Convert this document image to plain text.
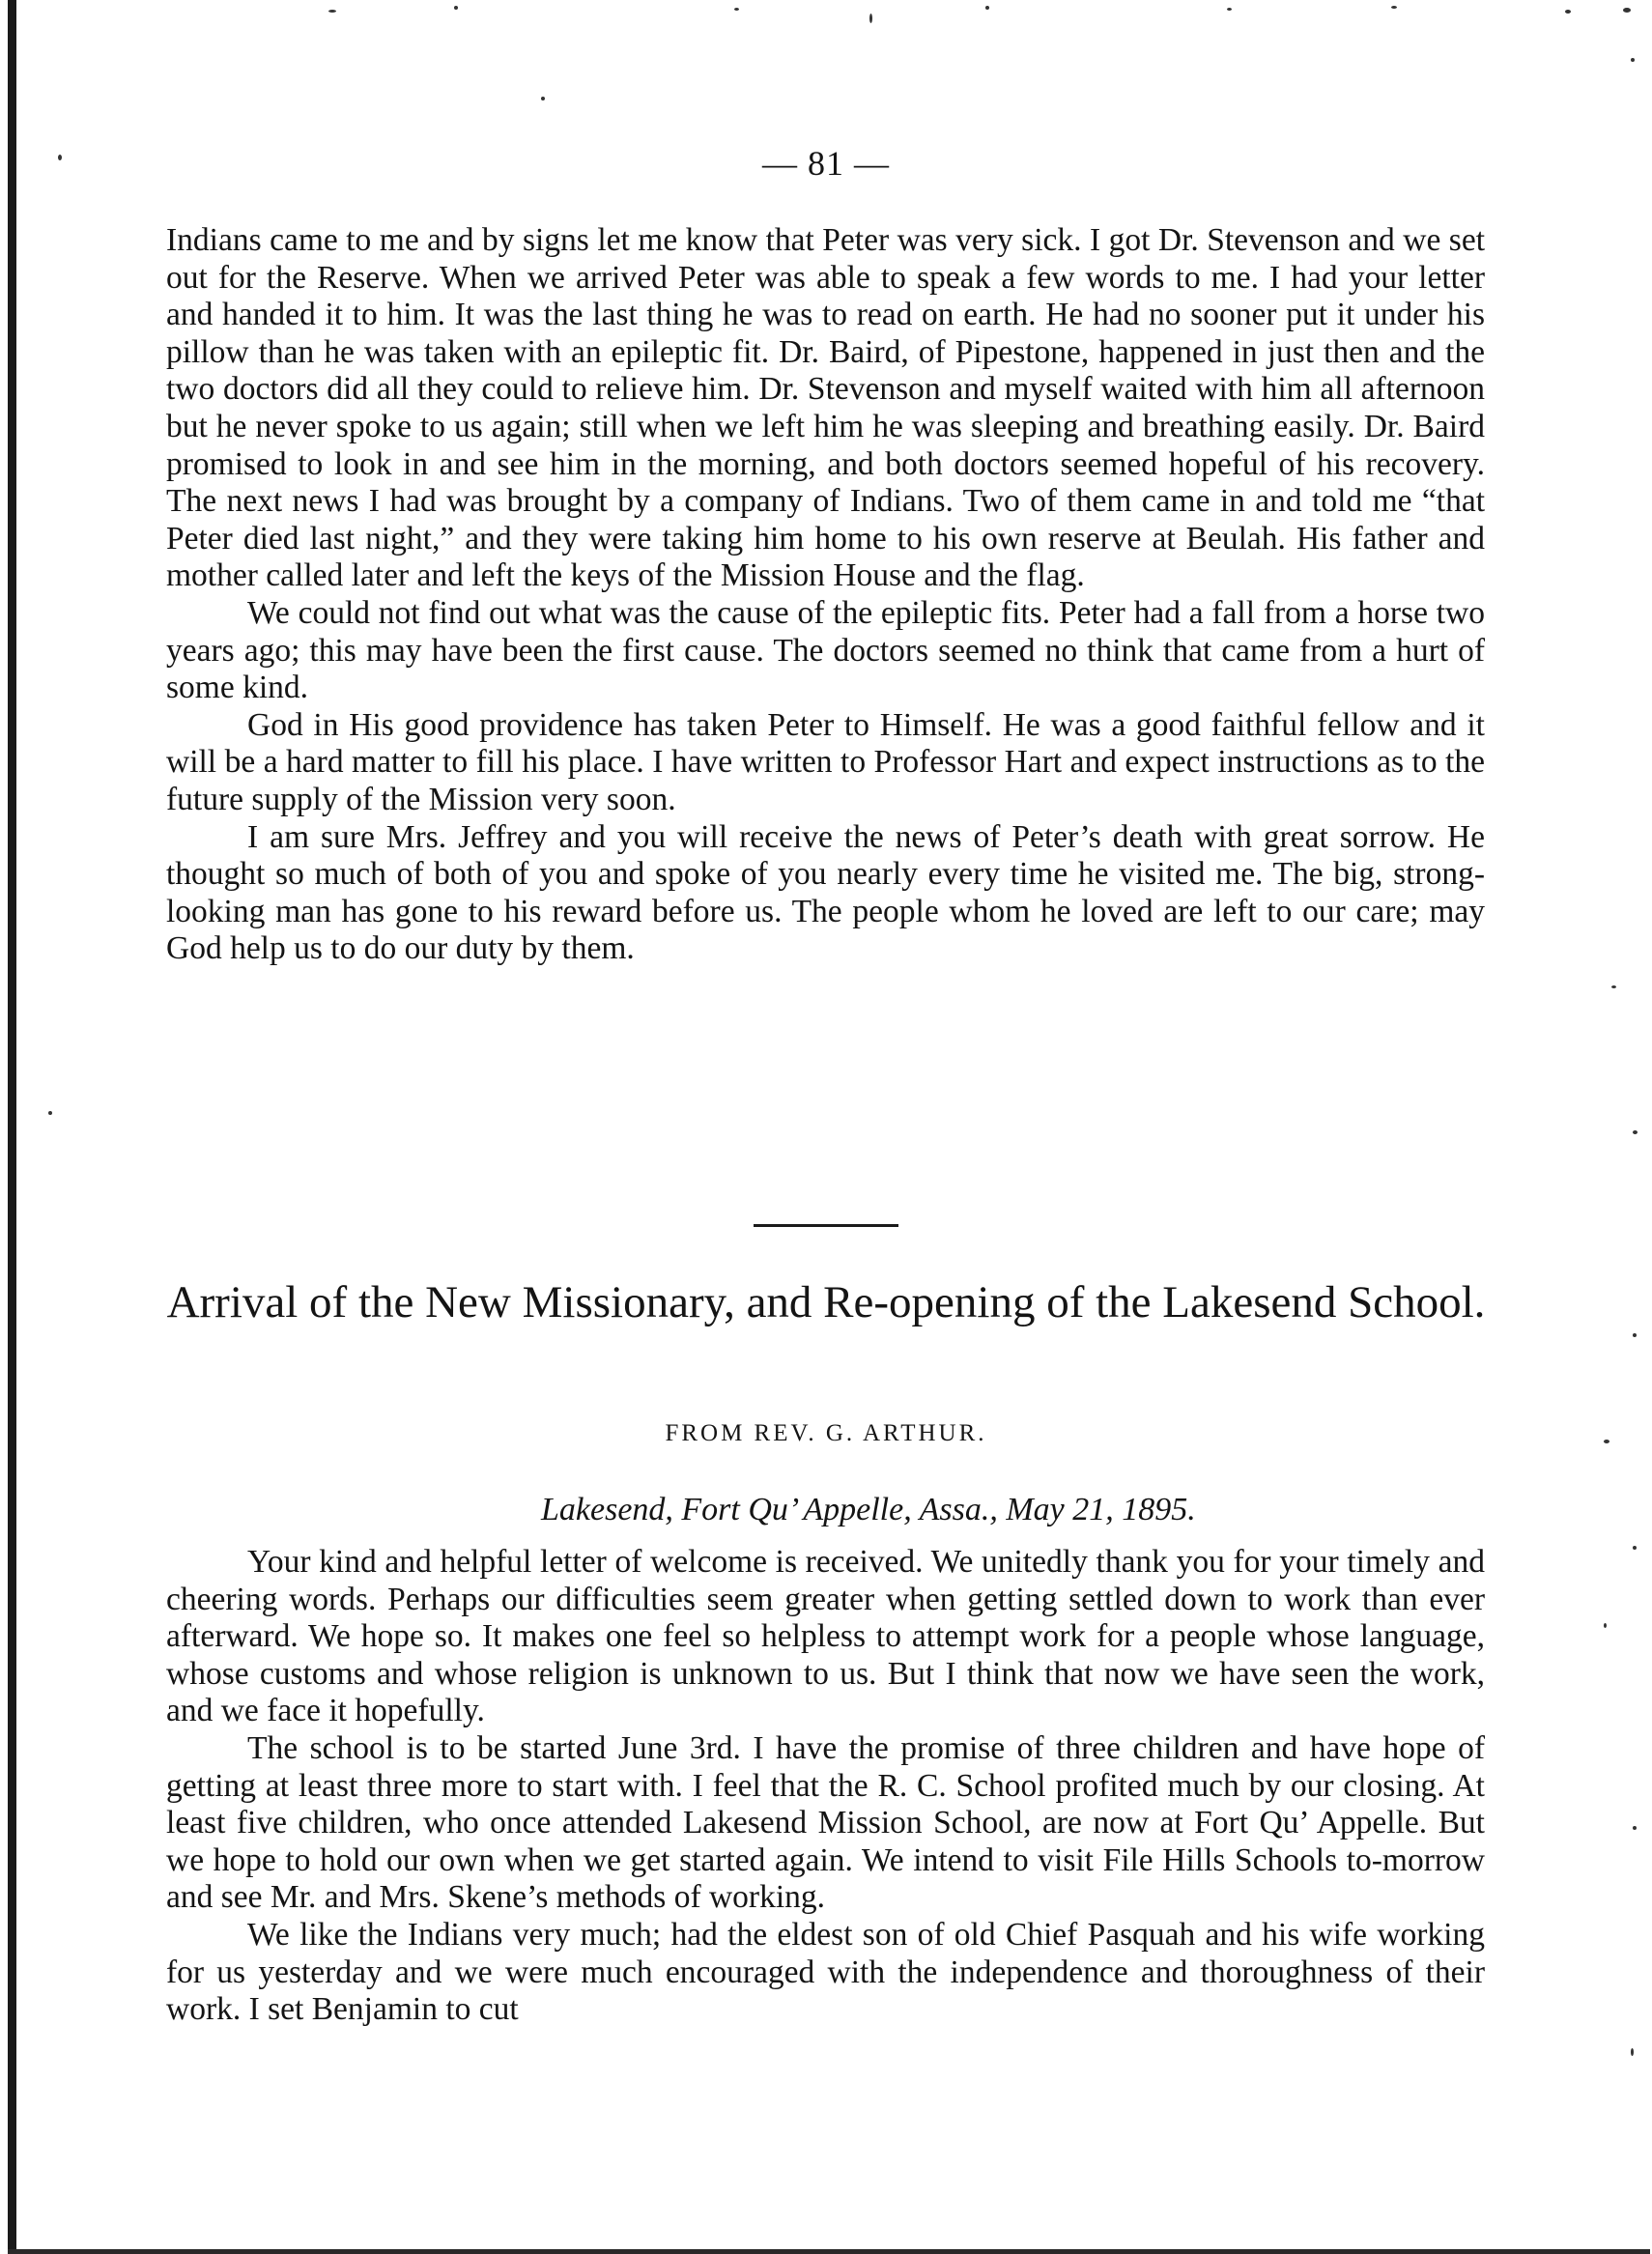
— 81 —

Indians came to me and by signs let me know that Peter was very sick. I got Dr. Stevenson and we set out for the Reserve. When we arrived Peter was able to speak a few words to me. I had your letter and handed it to him. It was the last thing he was to read on earth. He had no sooner put it under his pillow than he was taken with an epileptic fit. Dr. Baird, of Pipestone, happened in just then and the two doctors did all they could to relieve him. Dr. Stevenson and myself waited with him all afternoon but he never spoke to us again; still when we left him he was sleeping and breathing easily. Dr. Baird promised to look in and see him in the morning, and both doctors seemed hopeful of his recovery. The next news I had was brought by a company of Indians. Two of them came in and told me “that Peter died last night,” and they were taking him home to his own reserve at Beulah. His father and mother called later and left the keys of the Mission House and the flag.

We could not find out what was the cause of the epileptic fits. Peter had a fall from a horse two years ago; this may have been the first cause. The doctors seemed no think that came from a hurt of some kind.

God in His good providence has taken Peter to Himself. He was a good faithful fellow and it will be a hard matter to fill his place. I have written to Professor Hart and expect instructions as to the future supply of the Mission very soon.

I am sure Mrs. Jeffrey and you will receive the news of Peter’s death with great sorrow. He thought so much of both of you and spoke of you nearly every time he visited me. The big, strong-looking man has gone to his reward before us. The people whom he loved are left to our care; may God help us to do our duty by them.

Arrival of the New Missionary, and Re-opening of the Lakesend School.
FROM REV. G. ARTHUR.
Lakesend, Fort Qu’ Appelle, Assa., May 21, 1895.

Your kind and helpful letter of welcome is received. We unitedly thank you for your timely and cheering words. Perhaps our difficulties seem greater when getting settled down to work than ever afterward. We hope so. It makes one feel so helpless to attempt work for a people whose language, whose customs and whose religion is unknown to us. But I think that now we have seen the work, and we face it hopefully.

The school is to be started June 3rd. I have the promise of three children and have hope of getting at least three more to start with. I feel that the R. C. School profited much by our closing. At least five children, who once attended Lakesend Mission School, are now at Fort Qu’ Appelle. But we hope to hold our own when we get started again. We intend to visit File Hills Schools to-morrow and see Mr. and Mrs. Skene’s methods of working.

We like the Indians very much; had the eldest son of old Chief Pasquah and his wife working for us yesterday and we were much encouraged with the independence and thoroughness of their work. I set Benjamin to cut
